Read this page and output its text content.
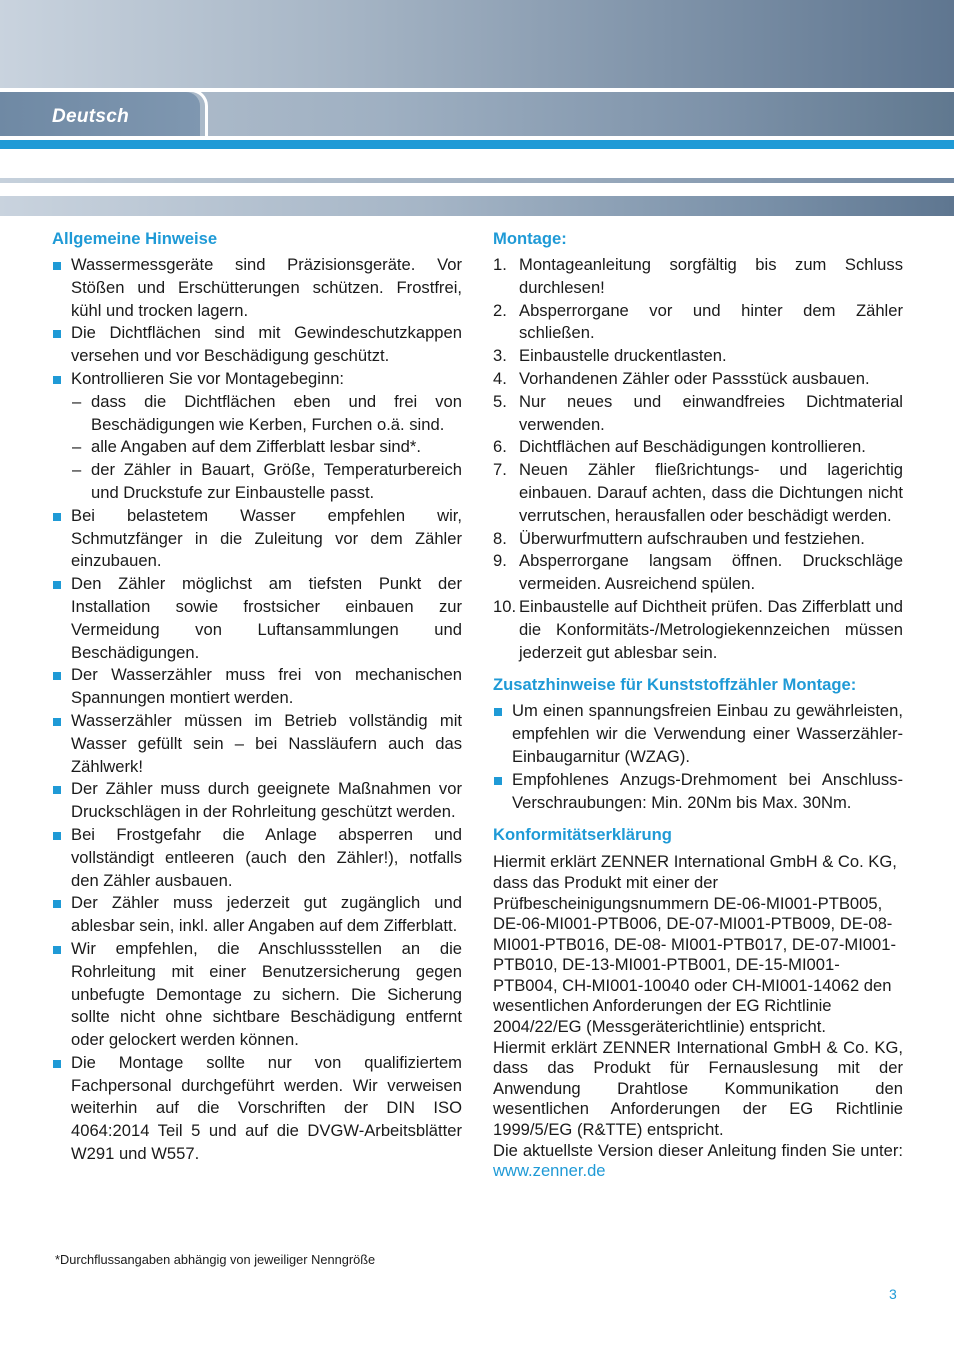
Deutsch
Allgemeine Hinweise
Wassermessgeräte sind Präzisionsgeräte. Vor Stößen und Erschütterungen schützen. Frostfrei, kühl und trocken lagern.
Die Dichtflächen sind mit Gewindeschutzkappen versehen und vor Beschädigung geschützt.
Kontrollieren Sie vor Montagebeginn:
– dass die Dichtflächen eben und frei von Beschädigungen wie Kerben, Furchen o.ä. sind.
– alle Angaben auf dem Zifferblatt lesbar sind*.
– der Zähler in Bauart, Größe, Temperaturbereich und Druckstufe zur Einbaustelle passt.
Bei belastetem Wasser empfehlen wir, Schmutzfänger in die Zuleitung vor dem Zähler einzubauen.
Den Zähler möglichst am tiefsten Punkt der Installation sowie frostsicher einbauen zur Vermeidung von Luftansammlungen und Beschädigungen.
Der Wasserzähler muss frei von mechanischen Spannungen montiert werden.
Wasserzähler müssen im Betrieb vollständig mit Wasser gefüllt sein – bei Nassläufern auch das Zählwerk!
Der Zähler muss durch geeignete Maßnahmen vor Druckschlägen in der Rohrleitung geschützt werden.
Bei Frostgefahr die Anlage absperren und vollständigt entleeren (auch den Zähler!), notfalls den Zähler ausbauen.
Der Zähler muss jederzeit gut zugänglich und ablesbar sein, inkl. aller Angaben auf dem Zifferblatt.
Wir empfehlen, die Anschlussstellen an die Rohrleitung mit einer Benutzersicherung gegen unbefugte Demontage zu sichern. Die Sicherung sollte nicht ohne sichtbare Beschädigung entfernt oder gelockert werden können.
Die Montage sollte nur von qualifiziertem Fachpersonal durchgeführt werden. Wir verweisen weiterhin auf die Vorschriften der DIN ISO 4064:2014 Teil 5 und auf die DVGW-Arbeitsblätter W291 und W557.
Montage:
1. Montageanleitung sorgfältig bis zum Schluss durchlesen!
2. Absperrorgane vor und hinter dem Zähler schließen.
3. Einbaustelle druckentlasten.
4. Vorhandenen Zähler oder Passstück ausbauen.
5. Nur neues und einwandfreies Dichtmaterial verwenden.
6. Dichtflächen auf Beschädigungen kontrollieren.
7. Neuen Zähler fließrichtungs- und lagerichtig einbauen. Darauf achten, dass die Dichtungen nicht verrutschen, herausfallen oder beschädigt werden.
8. Überwurfmuttern aufschrauben und festziehen.
9. Absperrorgane langsam öffnen. Druckschläge vermeiden. Ausreichend spülen.
10. Einbaustelle auf Dichtheit prüfen. Das Zifferblatt und die Konformitäts-/Metrologiekennzeichen müssen jederzeit gut ablesbar sein.
Zusatzhinweise für Kunststoffzähler Montage:
Um einen spannungsfreien Einbau zu gewährleisten, empfehlen wir die Verwendung einer Wasserzähler-Einbaugarnitur (WZAG).
Empfohlenes Anzugs-Drehmoment bei Anschluss-Verschraubungen: Min. 20Nm bis Max. 30Nm.
Konformitätserklärung

Hiermit erklärt ZENNER International GmbH & Co. KG, dass das Produkt mit einer der Prüfbescheinigungsnummern DE-06-MI001-PTB005, DE-06-MI001-PTB006, DE-07-MI001-PTB009, DE-08-MI001-PTB016, DE-08- MI001-PTB017, DE-07-MI001-PTB010, DE-13-MI001-PTB001, DE-15-MI001-PTB004, CH-MI001-10040 oder CH-MI001-14062 den wesentlichen Anforderungen der EG Richtlinie 2004/22/EG (Messgeräterichtlinie) entspricht.

Hiermit erklärt ZENNER International GmbH & Co. KG, dass das Produkt für Fernauslesung mit der Anwendung Drahtlose Kommunikation den wesentlichen Anforderungen der EG Richtlinie 1999/5/EG (R&TTE) entspricht.

Die aktuellste Version dieser Anleitung finden Sie unter: www.zenner.de

*Durchflussangaben abhängig von jeweiliger Nenngröße
3
